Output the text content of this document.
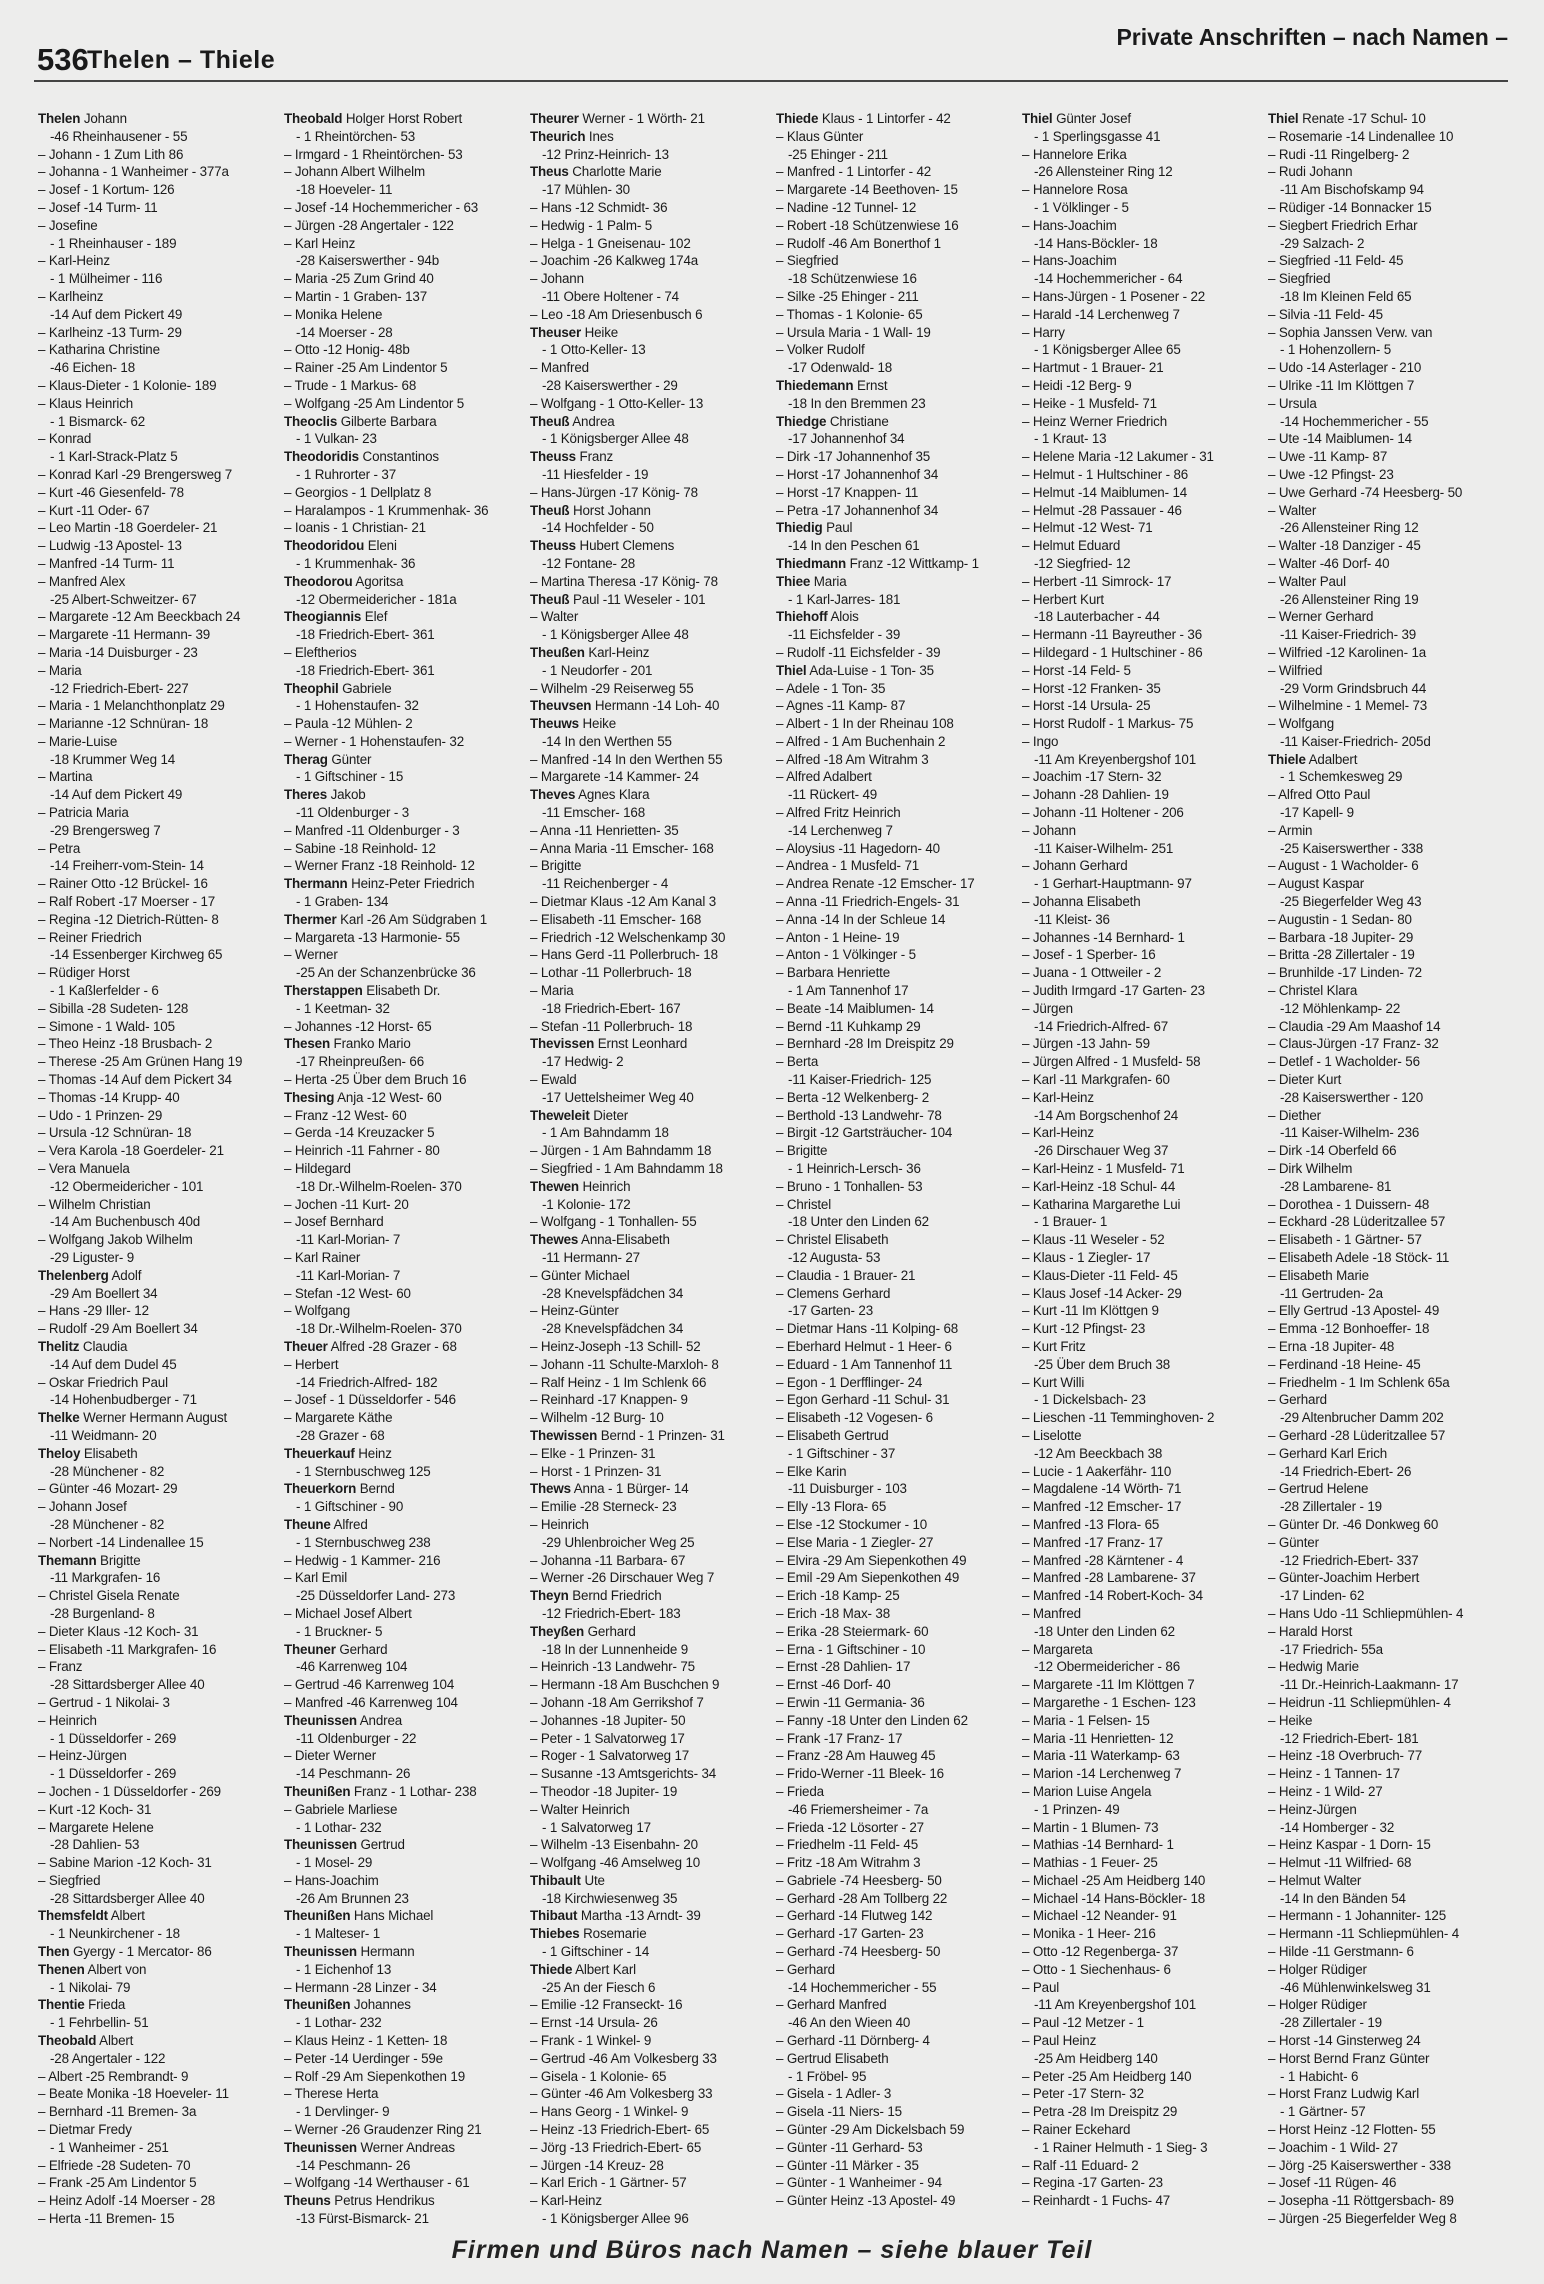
536
Thelen – Thiele
Private Anschriften – nach Namen –
Thelen Johann
-46 Rheinhausener - 55
– Johann - 1 Zum Lith 86
– Johanna - 1 Wanheimer - 377a
– Josef - 1 Kortum- 126
– Josef -14 Turm- 11
– Josefine
- 1 Rheinhauser - 189
– Karl-Heinz
- 1 Mülheimer - 116
– Karlheinz
-14 Auf dem Pickert 49
– Karlheinz -13 Turm- 29
– Katharina Christine
-46 Eichen- 18
– Klaus-Dieter - 1 Kolonie- 189
– Klaus Heinrich
- 1 Bismarck- 62
– Konrad
- 1 Karl-Strack-Platz 5
– Konrad Karl -29 Brengersweg 7
– Kurt -46 Giesenfeld- 78
– Kurt -11 Oder- 67
– Leo Martin -18 Goerdeler- 21
– Ludwig -13 Apostel- 13
– Manfred -14 Turm- 11
– Manfred Alex
-25 Albert-Schweitzer- 67
– Margarete -12 Am Beeckbach 24
– Margarete -11 Hermann- 39
– Maria -14 Duisburger - 23
– Maria
-12 Friedrich-Ebert- 227
– Maria - 1 Melanchthonplatz 29
– Marianne -12 Schnüran- 18
– Marie-Luise
-18 Krummer Weg 14
– Martina
-14 Auf dem Pickert 49
– Patricia Maria
-29 Brengersweg 7
– Petra
-14 Freiherr-vom-Stein- 14
– Rainer Otto -12 Brückel- 16
– Ralf Robert -17 Moerser - 17
– Regina -12 Dietrich-Rütten- 8
– Reiner Friedrich
-14 Essenberger Kirchweg 65
– Rüdiger Horst
- 1 Kaßlerfelder - 6
– Sibilla -28 Sudeten- 128
– Simone - 1 Wald- 105
– Theo Heinz -18 Brusbach- 2
– Therese -25 Am Grünen Hang 19
– Thomas -14 Auf dem Pickert 34
– Thomas -14 Krupp- 40
– Udo - 1 Prinzen- 29
– Ursula -12 Schnüran- 18
– Vera Karola -18 Goerdeler- 21
– Vera Manuela
-12 Obermeidericher - 101
– Wilhelm Christian
-14 Am Buchenbusch 40d
– Wolfgang Jakob Wilhelm
-29 Liguster- 9
Thelenberg Adolf
-29 Am Boellert 34
– Hans -29 Iller- 12
– Rudolf -29 Am Boellert 34
Thelitz Claudia
-14 Auf dem Dudel 45
– Oskar Friedrich Paul
-14 Hohenbudberger - 71
Thelke Werner Hermann August
-11 Weidmann- 20
Theloy Elisabeth
-28 Münchener - 82
– Günter -46 Mozart- 29
– Johann Josef
-28 Münchener - 82
– Norbert -14 Lindenallee 15
Themann Brigitte
-11 Markgrafen- 16
– Christel Gisela Renate
-28 Burgenland- 8
– Dieter Klaus -12 Koch- 31
– Elisabeth -11 Markgrafen- 16
– Franz
-28 Sittardsberger Allee 40
– Gertrud - 1 Nikolai- 3
– Heinrich
- 1 Düsseldorfer - 269
– Heinz-Jürgen
- 1 Düsseldorfer - 269
– Jochen - 1 Düsseldorfer - 269
– Kurt -12 Koch- 31
– Margarete Helene
-28 Dahlien- 53
– Sabine Marion -12 Koch- 31
– Siegfried
-28 Sittardsberger Allee 40
Themsfeldt Albert
- 1 Neunkirchener - 18
Then Gyergy - 1 Mercator- 86
Thenen Albert von
- 1 Nikolai- 79
Thentie Frieda
- 1 Fehrbellin- 51
Theobald Albert
-28 Angertaler - 122
– Albert -25 Rembrandt- 9
– Beate Monika -18 Hoeveler- 11
– Bernhard -11 Bremen- 3a
– Dietmar Fredy
- 1 Wanheimer - 251
– Elfriede -28 Sudeten- 70
– Frank -25 Am Lindentor 5
– Heinz Adolf -14 Moerser - 28
– Herta -11 Bremen- 15
Theobald Holger Horst Robert
- 1 Rheintörchen- 53
– Irmgard - 1 Rheintörchen- 53
– Johann Albert Wilhelm
-18 Hoeveler- 11
– Josef -14 Hochemmericher - 63
– Jürgen -28 Angertaler - 122
– Karl Heinz
-28 Kaiserswerther - 94b
– Maria -25 Zum Grind 40
– Martin - 1 Graben- 137
– Monika Helene
-14 Moerser - 28
– Otto -12 Honig- 48b
– Rainer -25 Am Lindentor 5
– Trude - 1 Markus- 68
– Wolfgang -25 Am Lindentor 5
Theoclis Gilberte Barbara
- 1 Vulkan- 23
Theodoridis Constantinos
- 1 Ruhrorter - 37
– Georgios - 1 Dellplatz 8
– Haralampos - 1 Krummenhak- 36
– Ioanis - 1 Christian- 21
Theodoridou Eleni
- 1 Krummenhak- 36
Theodorou Agoritsa
-12 Obermeidericher - 181a
Theogiannis Elef
-18 Friedrich-Ebert- 361
– Eleftherios
-18 Friedrich-Ebert- 361
Theophil Gabriele
- 1 Hohenstaufen- 32
– Paula -12 Mühlen- 2
– Werner - 1 Hohenstaufen- 32
Therag Günter
- 1 Giftschiner - 15
Theres Jakob
-11 Oldenburger - 3
– Manfred -11 Oldenburger - 3
– Sabine -18 Reinhold- 12
– Werner Franz -18 Reinhold- 12
Thermann Heinz-Peter Friedrich
- 1 Graben- 134
Thermer Karl -26 Am Südgraben 1
– Margareta -13 Harmonie- 55
– Werner
-25 An der Schanzenbrücke 36
Therstappen Elisabeth Dr.
- 1 Keetman- 32
– Johannes -12 Horst- 65
Thesen Franko Mario
-17 Rheinpreußen- 66
– Herta -25 Über dem Bruch 16
Thesing Anja -12 West- 60
– Franz -12 West- 60
– Gerda -14 Kreuzacker 5
– Heinrich -11 Fahrner - 80
– Hildegard
-18 Dr.-Wilhelm-Roelen- 370
– Jochen -11 Kurt- 20
– Josef Bernhard
-11 Karl-Morian- 7
– Karl Rainer
-11 Karl-Morian- 7
– Stefan -12 West- 60
– Wolfgang
-18 Dr.-Wilhelm-Roelen- 370
Theuer Alfred -28 Grazer - 68
– Herbert
-14 Friedrich-Alfred- 182
– Josef - 1 Düsseldorfer - 546
– Margarete Käthe
-28 Grazer - 68
Theuerkauf Heinz
- 1 Sternbuschweg 125
Theuerkorn Bernd
- 1 Giftschiner - 90
Theune Alfred
- 1 Sternbuschweg 238
– Hedwig - 1 Kammer- 216
– Karl Emil
-25 Düsseldorfer Land- 273
– Michael Josef Albert
- 1 Bruckner- 5
Theuner Gerhard
-46 Karrenweg 104
– Gertrud -46 Karrenweg 104
– Manfred -46 Karrenweg 104
Theunissen Andrea
-11 Oldenburger - 22
– Dieter Werner
-14 Peschmann- 26
Theunißen Franz - 1 Lothar- 238
– Gabriele Marliese
- 1 Lothar- 232
Theunissen Gertrud
- 1 Mosel- 29
– Hans-Joachim
-26 Am Brunnen 23
Theunißen Hans Michael
- 1 Malteser- 1
Theunissen Hermann
- 1 Eichenhof 13
– Hermann -28 Linzer - 34
Theunißen Johannes
- 1 Lothar- 232
– Klaus Heinz - 1 Ketten- 18
– Peter -14 Uerdinger - 59e
– Rolf -29 Am Siepenkothen 19
– Therese Herta
- 1 Dervlinger- 9
– Werner -26 Graudenzer Ring 21
Theunissen Werner Andreas
-14 Peschmann- 26
– Wolfgang -14 Werthauser - 61
Theuns Petrus Hendrikus
-13 Fürst-Bismarck- 21
Theurer Werner - 1 Wörth- 21
Theurich Ines
-12 Prinz-Heinrich- 13
Theus Charlotte Marie
-17 Mühlen- 30
– Hans -12 Schmidt- 36
– Hedwig - 1 Palm- 5
– Helga - 1 Gneisenau- 102
– Joachim -26 Kalkweg 174a
– Johann
-11 Obere Holtener - 74
– Leo -18 Am Driesenbusch 6
Theuser Heike
- 1 Otto-Keller- 13
– Manfred
-28 Kaiserswerther - 29
– Wolfgang - 1 Otto-Keller- 13
Theuß Andrea
- 1 Königsberger Allee 48
Theuss Franz
-11 Hiesfelder - 19
– Hans-Jürgen -17 König- 78
Theuß Horst Johann
-14 Hochfelder - 50
Theuss Hubert Clemens
-12 Fontane- 28
– Martina Theresa -17 König- 78
Theuß Paul -11 Weseler - 101
– Walter
- 1 Königsberger Allee 48
Theußen Karl-Heinz
- 1 Neudorfer - 201
– Wilhelm -29 Reiserweg 55
Theuvsen Hermann -14 Loh- 40
Theuws Heike
-14 In den Werthen 55
– Manfred -14 In den Werthen 55
– Margarete -14 Kammer- 24
Theves Agnes Klara
-11 Emscher- 168
– Anna -11 Henrietten- 35
– Anna Maria -11 Emscher- 168
– Brigitte
-11 Reichenberger - 4
– Dietmar Klaus -12 Am Kanal 3
– Elisabeth -11 Emscher- 168
– Friedrich -12 Welschenkamp 30
– Hans Gerd -11 Pollerbruch- 18
– Lothar -11 Pollerbruch- 18
– Maria
-18 Friedrich-Ebert- 167
– Stefan -11 Pollerbruch- 18
Thevissen Ernst Leonhard
-17 Hedwig- 2
– Ewald
-17 Uettelsheimer Weg 40
Theweleit Dieter
- 1 Am Bahndamm 18
– Jürgen - 1 Am Bahndamm 18
– Siegfried - 1 Am Bahndamm 18
Thewen Heinrich
-1 Kolonie- 172
– Wolfgang - 1 Tonhallen- 55
Thewes Anna-Elisabeth
-11 Hermann- 27
– Günter Michael
-28 Knevelspfädchen 34
– Heinz-Günter
-28 Knevelspfädchen 34
– Heinz-Joseph -13 Schill- 52
– Johann -11 Schulte-Marxloh- 8
– Ralf Heinz - 1 Im Schlenk 66
– Reinhard -17 Knappen- 9
– Wilhelm -12 Burg- 10
Thewissen Bernd - 1 Prinzen- 31
– Elke - 1 Prinzen- 31
– Horst - 1 Prinzen- 31
Thews Anna - 1 Bürger- 14
– Emilie -28 Sterneck- 23
– Heinrich
-29 Uhlenbroicher Weg 25
– Johanna -11 Barbara- 67
– Werner -26 Dirschauer Weg 7
Theyn Bernd Friedrich
-12 Friedrich-Ebert- 183
Theyßen Gerhard
-18 In der Lunnenheide 9
– Heinrich -13 Landwehr- 75
– Hermann -18 Am Buschchen 9
– Johann -18 Am Gerrikshof 7
– Johannes -18 Jupiter- 50
– Peter - 1 Salvatorweg 17
– Roger - 1 Salvatorweg 17
– Susanne -13 Amtsgerichts- 34
– Theodor -18 Jupiter- 19
– Walter Heinrich
- 1 Salvatorweg 17
– Wilhelm -13 Eisenbahn- 20
– Wolfgang -46 Amselweg 10
Thibault Ute
-18 Kirchwiesenweg 35
Thibaut Martha -13 Arndt- 39
Thiebes Rosemarie
- 1 Giftschiner - 14
Thiede Albert Karl
-25 An der Fiesch 6
– Emilie -12 Franseckt- 16
– Ernst -14 Ursula- 26
– Frank - 1 Winkel- 9
– Gertrud -46 Am Volkesberg 33
– Gisela - 1 Kolonie- 65
– Günter -46 Am Volkesberg 33
– Hans Georg - 1 Winkel- 9
– Heinz -13 Friedrich-Ebert- 65
– Jörg -13 Friedrich-Ebert- 65
– Jürgen -14 Kreuz- 28
– Karl Erich - 1 Gärtner- 57
– Karl-Heinz
- 1 Königsberger Allee 96
Thiede Klaus - 1 Lintorfer - 42
– Klaus Günter
-25 Ehinger - 211
– Manfred - 1 Lintorfer - 42
– Margarete -14 Beethoven- 15
– Nadine -12 Tunnel- 12
– Robert -18 Schützenwiese 16
– Rudolf -46 Am Bonerthof 1
– Siegfried
-18 Schützenwiese 16
– Silke -25 Ehinger - 211
– Thomas - 1 Kolonie- 65
– Ursula Maria - 1 Wall- 19
– Volker Rudolf
-17 Odenwald- 18
Thiedemann Ernst
-18 In den Bremmen 23
Thiedge Christiane
-17 Johannenhof 34
– Dirk -17 Johannenhof 35
– Horst -17 Johannenhof 34
– Horst -17 Knappen- 11
– Petra -17 Johannenhof 34
Thiedig Paul
-14 In den Peschen 61
Thiedmann Franz -12 Wittkamp- 1
Thiee Maria
- 1 Karl-Jarres- 181
Thiehoff Alois
-11 Eichsfelder - 39
– Rudolf -11 Eichsfelder - 39
Thiel Ada-Luise - 1 Ton- 35
– Adele - 1 Ton- 35
– Agnes -11 Kamp- 87
– Albert - 1 In der Rheinau 108
– Alfred - 1 Am Buchenhain 2
– Alfred -18 Am Witrahm 3
– Alfred Adalbert
-11 Rückert- 49
– Alfred Fritz Heinrich
-14 Lerchenweg 7
– Aloysius -11 Hagedorn- 40
– Andrea - 1 Musfeld- 71
– Andrea Renate -12 Emscher- 17
– Anna -11 Friedrich-Engels- 31
– Anna -14 In der Schleue 14
– Anton - 1 Heine- 19
– Anton - 1 Völkinger - 5
– Barbara Henriette
- 1 Am Tannenhof 17
– Beate -14 Maiblumen- 14
– Bernd -11 Kuhkamp 29
– Bernhard -28 Im Dreispitz 29
– Berta
-11 Kaiser-Friedrich- 125
– Berta -12 Welkenberg- 2
– Berthold -13 Landwehr- 78
– Birgit -12 Gartsträucher- 104
– Brigitte
- 1 Heinrich-Lersch- 36
– Bruno - 1 Tonhallen- 53
– Christel
-18 Unter den Linden 62
– Christel Elisabeth
-12 Augusta- 53
– Claudia - 1 Brauer- 21
– Clemens Gerhard
-17 Garten- 23
– Dietmar Hans -11 Kolping- 68
– Eberhard Helmut - 1 Heer- 6
– Eduard - 1 Am Tannenhof 11
– Egon - 1 Derfflinger- 24
– Egon Gerhard -11 Schul- 31
– Elisabeth -12 Vogesen- 6
– Elisabeth Gertrud
- 1 Giftschiner - 37
– Elke Karin
-11 Duisburger - 103
– Elly -13 Flora- 65
– Else -12 Stockumer - 10
– Else Maria - 1 Ziegler- 27
– Elvira -29 Am Siepenkothen 49
– Emil -29 Am Siepenkothen 49
– Erich -18 Kamp- 25
– Erich -18 Max- 38
– Erika -28 Steiermark- 60
– Erna - 1 Giftschiner - 10
– Ernst -28 Dahlien- 17
– Ernst -46 Dorf- 40
– Erwin -11 Germania- 36
– Fanny -18 Unter den Linden 62
– Frank -17 Franz- 17
– Franz -28 Am Hauweg 45
– Frido-Werner -11 Bleek- 16
– Frieda
-46 Friemersheimer - 7a
– Frieda -12 Lösorter - 27
– Friedhelm -11 Feld- 45
– Fritz -18 Am Witrahm 3
– Gabriele -74 Heesberg- 50
– Gerhard -28 Am Tollberg 22
– Gerhard -14 Flutweg 142
– Gerhard -17 Garten- 23
– Gerhard -74 Heesberg- 50
– Gerhard
-14 Hochemmericher - 55
– Gerhard Manfred
-46 An den Wieen 40
– Gerhard -11 Dörnberg- 4
– Gertrud Elisabeth
- 1 Fröbel- 95
– Gisela - 1 Adler- 3
– Gisela -11 Niers- 15
– Günter -29 Am Dickelsbach 59
– Günter -11 Gerhard- 53
– Günter -11 Märker - 35
– Günter - 1 Wanheimer - 94
– Günter Heinz -13 Apostel- 49
Thiel Günter Josef
- 1 Sperlingsgasse 41
– Hannelore Erika
-26 Allensteiner Ring 12
– Hannelore Rosa
- 1 Völklinger - 5
– Hans-Joachim
-14 Hans-Böckler- 18
– Hans-Joachim
-14 Hochemmericher - 64
– Hans-Jürgen - 1 Posener - 22
– Harald -14 Lerchenweg 7
– Harry
- 1 Königsberger Allee 65
– Hartmut - 1 Brauer- 21
– Heidi -12 Berg- 9
– Heike - 1 Musfeld- 71
– Heinz Werner Friedrich
- 1 Kraut- 13
– Helene Maria -12 Lakumer - 31
– Helmut - 1 Hultschiner - 86
– Helmut -14 Maiblumen- 14
– Helmut -28 Passauer - 46
– Helmut -12 West- 71
– Helmut Eduard
-12 Siegfried- 12
– Herbert -11 Simrock- 17
– Herbert Kurt
-18 Lauterbacher - 44
– Hermann -11 Bayreuther - 36
– Hildegard - 1 Hultschiner - 86
– Horst -14 Feld- 5
– Horst -12 Franken- 35
– Horst -14 Ursula- 25
– Horst Rudolf - 1 Markus- 75
– Ingo
-11 Am Kreyenbergshof 101
– Joachim -17 Stern- 32
– Johann -28 Dahlien- 19
– Johann -11 Holtener - 206
– Johann
-11 Kaiser-Wilhelm- 251
– Johann Gerhard
- 1 Gerhart-Hauptmann- 97
– Johanna Elisabeth
-11 Kleist- 36
– Johannes -14 Bernhard- 1
– Josef - 1 Sperber- 16
– Juana - 1 Ottweiler - 2
– Judith Irmgard -17 Garten- 23
– Jürgen
-14 Friedrich-Alfred- 67
– Jürgen -13 Jahn- 59
– Jürgen Alfred - 1 Musfeld- 58
– Karl -11 Markgrafen- 60
– Karl-Heinz
-14 Am Borgschenhof 24
– Karl-Heinz
-26 Dirschauer Weg 37
– Karl-Heinz - 1 Musfeld- 71
– Karl-Heinz -18 Schul- 44
– Katharina Margarethe Lui
- 1 Brauer- 1
– Klaus -11 Weseler - 52
– Klaus - 1 Ziegler- 17
– Klaus-Dieter -11 Feld- 45
– Klaus Josef -14 Acker- 29
– Kurt -11 Im Klöttgen 9
– Kurt -12 Pfingst- 23
– Kurt Fritz
-25 Über dem Bruch 38
– Kurt Willi
- 1 Dickelsbach- 23
– Lieschen -11 Temminghoven- 2
– Liselotte
-12 Am Beeckbach 38
– Lucie - 1 Aakerfähr- 110
– Magdalene -14 Wörth- 71
– Manfred -12 Emscher- 17
– Manfred -13 Flora- 65
– Manfred -17 Franz- 17
– Manfred -28 Kärntener - 4
– Manfred -28 Lambarene- 37
– Manfred -14 Robert-Koch- 34
– Manfred
-18 Unter den Linden 62
– Margareta
-12 Obermeidericher - 86
– Margarete -11 Im Klöttgen 7
– Margarethe - 1 Eschen- 123
– Maria - 1 Felsen- 15
– Maria -11 Henrietten- 12
– Maria -11 Waterkamp- 63
– Marion -14 Lerchenweg 7
– Marion Luise Angela
- 1 Prinzen- 49
– Martin - 1 Blumen- 73
– Mathias -14 Bernhard- 1
– Mathias - 1 Feuer- 25
– Michael -25 Am Heidberg 140
– Michael -14 Hans-Böckler- 18
– Michael -12 Neander- 91
– Monika - 1 Heer- 216
– Otto -12 Regenberga- 37
– Otto - 1 Siechenhaus- 6
– Paul
-11 Am Kreyenbergshof 101
– Paul -12 Metzer - 1
– Paul Heinz
-25 Am Heidberg 140
– Peter -25 Am Heidberg 140
– Peter -17 Stern- 32
– Petra -28 Im Dreispitz 29
– Rainer Eckehard
- 1 Rainer Helmuth - 1 Sieg- 3
– Ralf -11 Eduard- 2
– Regina -17 Garten- 23
– Reinhardt - 1 Fuchs- 47
Thiel Renate -17 Schul- 10
– Rosemarie -14 Lindenallee 10
– Rudi -11 Ringelberg- 2
– Rudi Johann
-11 Am Bischofskamp 94
– Rüdiger -14 Bonnacker 15
– Siegbert Friedrich Erhar
-29 Salzach- 2
– Siegfried -11 Feld- 45
– Siegfried
-18 Im Kleinen Feld 65
– Silvia -11 Feld- 45
– Sophia Janssen Verw. van
- 1 Hohenzollern- 5
– Udo -14 Asterlager - 210
– Ulrike -11 Im Klöttgen 7
– Ursula
-14 Hochemmericher - 55
– Ute -14 Maiblumen- 14
– Uwe -11 Kamp- 87
– Uwe -12 Pfingst- 23
– Uwe Gerhard -74 Heesberg- 50
– Walter
-26 Allensteiner Ring 12
– Walter -18 Danziger - 45
– Walter -46 Dorf- 40
– Walter Paul
-26 Allensteiner Ring 19
– Werner Gerhard
-11 Kaiser-Friedrich- 39
– Wilfried -12 Karolinen- 1a
– Wilfried
-29 Vorm Grindsbruch 44
– Wilhelmine - 1 Memel- 73
– Wolfgang
-11 Kaiser-Friedrich- 205d
Thiele Adalbert
- 1 Schemkesweg 29
– Alfred Otto Paul
-17 Kapell- 9
– Armin
-25 Kaiserswerther - 338
– August - 1 Wacholder- 6
– August Kaspar
-25 Biegerfelder Weg 43
– Augustin - 1 Sedan- 80
– Barbara -18 Jupiter- 29
– Britta -28 Zillertaler - 19
– Brunhilde -17 Linden- 72
– Christel Klara
-12 Möhlenkamp- 22
– Claudia -29 Am Maashof 14
– Claus-Jürgen -17 Franz- 32
– Detlef - 1 Wacholder- 56
– Dieter Kurt
-28 Kaiserswerther - 120
– Diether
-11 Kaiser-Wilhelm- 236
– Dirk -14 Oberfeld 66
– Dirk Wilhelm
-28 Lambarene- 81
– Dorothea - 1 Duissern- 48
– Eckhard -28 Lüderitzallee 57
– Elisabeth - 1 Gärtner- 57
– Elisabeth Adele -18 Stöck- 11
– Elisabeth Marie
-11 Gertruden- 2a
– Elly Gertrud -13 Apostel- 49
– Emma -12 Bonhoeffer- 18
– Erna -18 Jupiter- 48
– Ferdinand -18 Heine- 45
– Friedhelm - 1 Im Schlenk 65a
– Gerhard
-29 Altenbrucher Damm 202
– Gerhard -28 Lüderitzallee 57
– Gerhard Karl Erich
-14 Friedrich-Ebert- 26
– Gertrud Helene
-28 Zillertaler - 19
– Günter Dr. -46 Donkweg 60
– Günter
-12 Friedrich-Ebert- 337
– Günter-Joachim Herbert
-17 Linden- 62
– Hans Udo -11 Schliepmühlen- 4
– Harald Horst
-17 Friedrich- 55a
– Hedwig Marie
-11 Dr.-Heinrich-Laakmann- 17
– Heidrun -11 Schliepmühlen- 4
– Heike
-12 Friedrich-Ebert- 181
– Heinz -18 Overbruch- 77
– Heinz - 1 Tannen- 17
– Heinz - 1 Wild- 27
– Heinz-Jürgen
-14 Homberger - 32
– Heinz Kaspar - 1 Dorn- 15
– Helmut -11 Wilfried- 68
– Helmut Walter
-14 In den Bänden 54
– Hermann - 1 Johanniter- 125
– Hermann -11 Schliepmühlen- 4
– Hilde -11 Gerstmann- 6
– Holger Rüdiger
-46 Mühlenwinkelsweg 31
– Holger Rüdiger
-28 Zillertaler - 19
– Horst -14 Ginsterweg 24
– Horst Bernd Franz Günter
- 1 Habicht- 6
– Horst Franz Ludwig Karl
- 1 Gärtner- 57
– Horst Heinz -12 Flotten- 55
– Joachim - 1 Wild- 27
– Jörg -25 Kaiserswerther - 338
– Josef -11 Rügen- 46
– Josepha -11 Röttgersbach- 89
– Jürgen -25 Biegerfelder Weg 8
Firmen und Büros nach Namen – siehe blauer Teil
